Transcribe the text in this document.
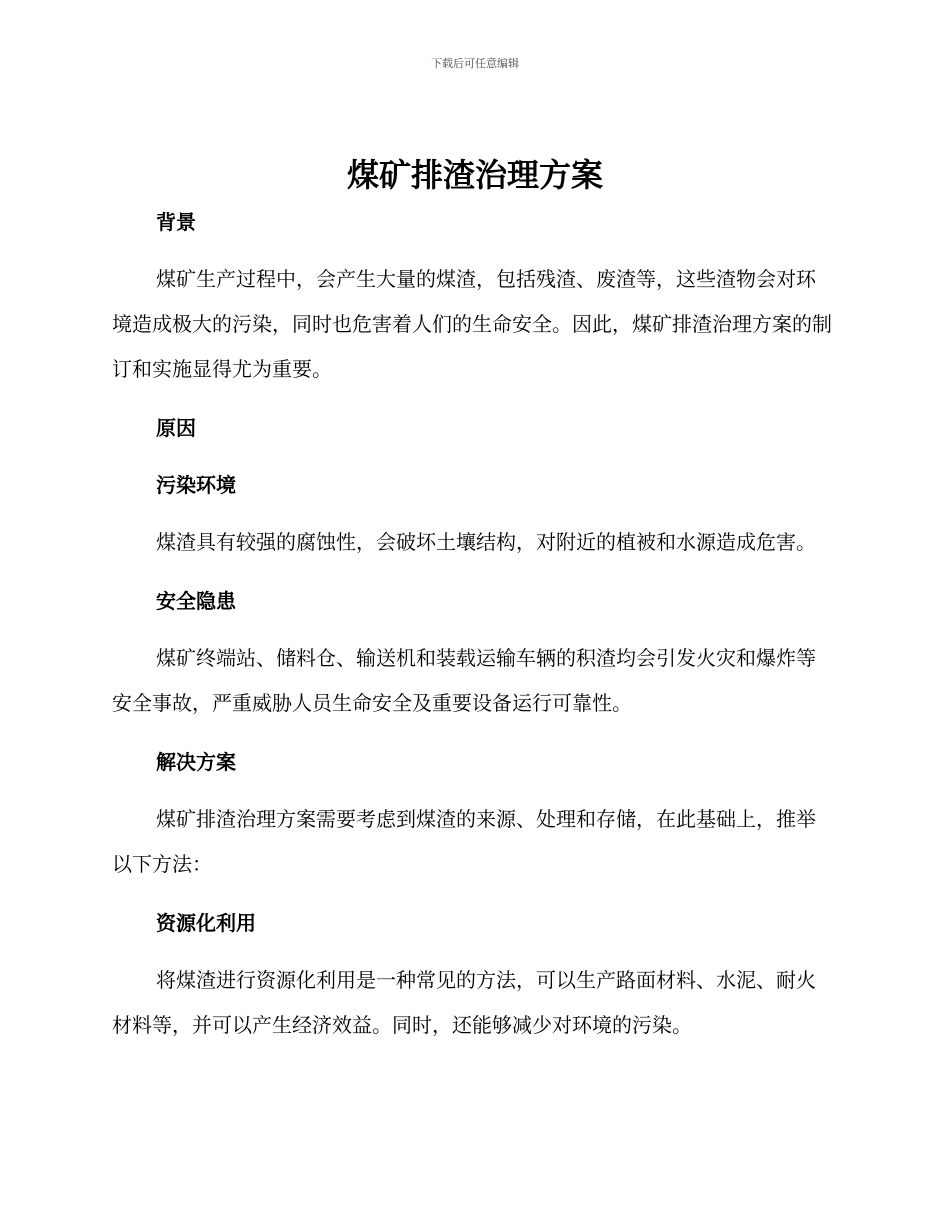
下载后可任意编辑
煤矿排渣治理方案
背景

煤矿生产过程中，会产生大量的煤渣，包括残渣、废渣等，这些渣物会对环境造成极大的污染，同时也危害着人们的生命安全。因此，煤矿排渣治理方案的制订和实施显得尤为重要。

原因
污染环境

煤渣具有较强的腐蚀性，会破坏土壤结构，对附近的植被和水源造成危害。

安全隐患

煤矿终端站、储料仓、输送机和装载运输车辆的积渣均会引发火灾和爆炸等安全事故，严重威胁人员生命安全及重要设备运行可靠性。

解决方案

煤矿排渣治理方案需要考虑到煤渣的来源、处理和存储，在此基础上，推举以下方法：

资源化利用

将煤渣进行资源化利用是一种常见的方法，可以生产路面材料、水泥、耐火材料等，并可以产生经济效益。同时，还能够减少对环境的污染。
